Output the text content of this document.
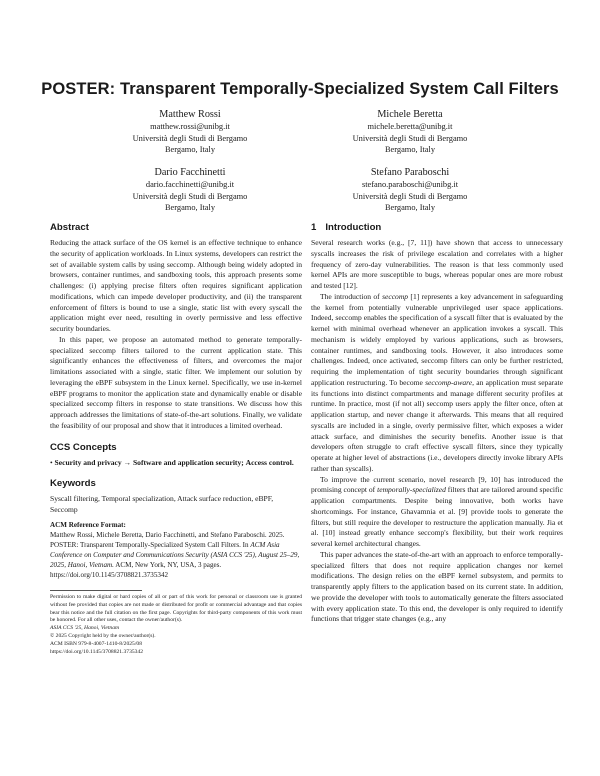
POSTER: Transparent Temporally-Specialized System Call Filters
Matthew Rossi
matthew.rossi@unibg.it
Università degli Studi di Bergamo
Bergamo, Italy
Michele Beretta
michele.beretta@unibg.it
Università degli Studi di Bergamo
Bergamo, Italy
Dario Facchinetti
dario.facchinetti@unibg.it
Università degli Studi di Bergamo
Bergamo, Italy
Stefano Paraboschi
stefano.paraboschi@unibg.it
Università degli Studi di Bergamo
Bergamo, Italy
Abstract

Reducing the attack surface of the OS kernel is an effective technique to enhance the security of application workloads. In Linux systems, developers can restrict the set of available system calls by using seccomp. Although being widely adopted in browsers, container runtimes, and sandboxing tools, this approach presents some challenges: (i) applying precise filters often requires significant application modifications, which can impede developer productivity, and (ii) the transparent enforcement of filters is bound to use a single, static list with every syscall the application might ever need, resulting in overly permissive and less effective security boundaries.

In this paper, we propose an automated method to generate temporally-specialized seccomp filters tailored to the current application state. This significantly enhances the effectiveness of filters, and overcomes the major limitations associated with a single, static filter. We implement our solution by leveraging the eBPF subsystem in the Linux kernel. Specifically, we use in-kernel eBPF programs to monitor the application state and dynamically enable or disable specialized seccomp filters in response to state transitions. We discuss how this approach addresses the limitations of state-of-the-art solutions. Finally, we validate the feasibility of our proposal and show that it introduces a limited overhead.

CCS Concepts

• Security and privacy → Software and application security; Access control.

Keywords

Syscall filtering, Temporal specialization, Attack surface reduction, eBPF, Seccomp

ACM Reference Format:

Matthew Rossi, Michele Beretta, Dario Facchinetti, and Stefano Paraboschi. 2025. POSTER: Transparent Temporally-Specialized System Call Filters. In ACM Asia Conference on Computer and Communications Security (ASIA CCS '25), August 25–29, 2025, Hanoi, Vietnam. ACM, New York, NY, USA, 3 pages. https://doi.org/10.1145/3708821.3735342

Permission to make digital or hard copies of all or part of this work for personal or classroom use is granted without fee provided that copies are not made or distributed for profit or commercial advantage and that copies bear this notice and the full citation on the first page. Copyrights for third-party components of this work must be honored. For all other uses, contact the owner/author(s).

ASIA CCS '25, Hanoi, Vietnam

© 2025 Copyright held by the owner/author(s).

ACM ISBN 979-8-4007-1410-8/2025/08

https://doi.org/10.1145/3708821.3735342

1 Introduction

Several research works (e.g., [7, 11]) have shown that access to unnecessary syscalls increases the risk of privilege escalation and correlates with a higher frequency of zero-day vulnerabilities. The reason is that less commonly used kernel APIs are more susceptible to bugs, whereas popular ones are more robust and tested [12].

The introduction of seccomp [1] represents a key advancement in safeguarding the kernel from potentially vulnerable unprivileged user space applications. Indeed, seccomp enables the specification of a syscall filter that is evaluated by the kernel with minimal overhead whenever an application invokes a syscall. This mechanism is widely employed by various applications, such as browsers, container runtimes, and sandboxing tools. However, it also introduces some challenges. Indeed, once activated, seccomp filters can only be further restricted, requiring the implementation of tight security boundaries through significant application restructuring. To become seccomp-aware, an application must separate its functions into distinct compartments and manage different security profiles at runtime. In practice, most (if not all) seccomp users apply the filter once, often at application startup, and never change it afterwards. This means that all required syscalls are included in a single, overly permissive filter, which exposes a wider attack surface, and diminishes the security benefits. Another issue is that developers often struggle to craft effective syscall filters, since they typically operate at higher level of abstractions (i.e., developers directly invoke library APIs rather than syscalls).

To improve the current scenario, novel research [9, 10] has introduced the promising concept of temporally-specialized filters that are tailored around specific application compartments. Despite being innovative, both works have shortcomings. For instance, Ghavamnia et al. [9] provide tools to generate the filters, but still require the developer to restructure the application manually. Jia et al. [10] instead greatly enhance seccomp's flexibility, but their work requires several kernel architectural changes.

This paper advances the state-of-the-art with an approach to enforce temporally-specialized filters that does not require application changes nor kernel modifications. The design relies on the eBPF kernel subsystem, and permits to transparently apply filters to the application based on its current state. In addition, we provide the developer with tools to automatically generate the filters associated with every application state. To this end, the developer is only required to identify functions that trigger state changes (e.g., any
